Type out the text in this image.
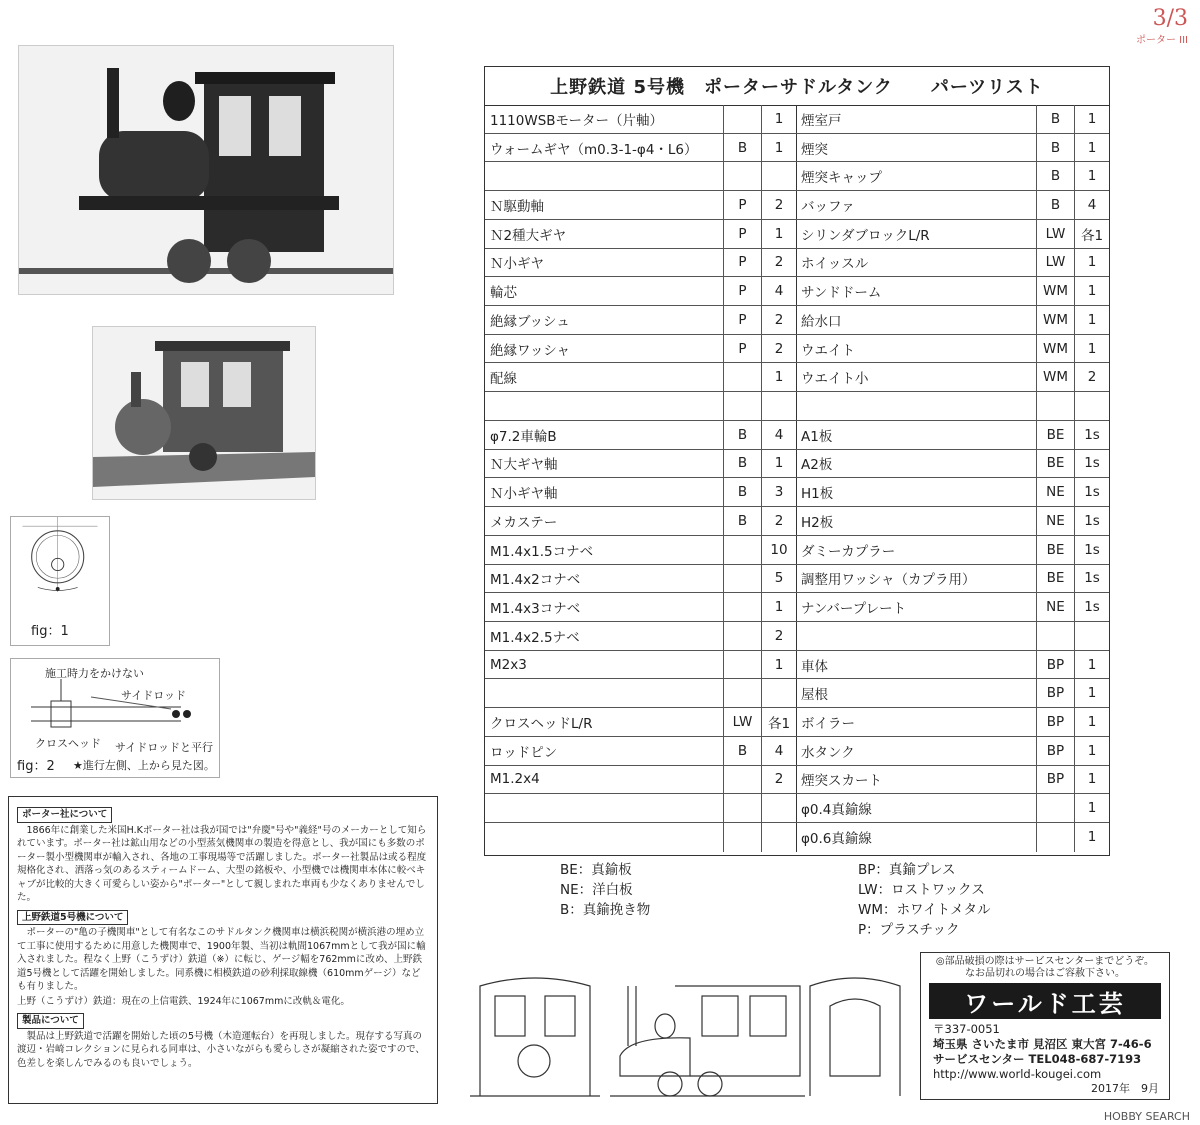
3/3
ポーター III
fig：1
施工時力をかけない
サイドロッド
クロスヘッド サイドロッドと平行
fig：2 ★進行左側、上から見た図。
上野鉄道 5号機　ポーターサドルタンク　　パーツリスト
1110WSBモーター（片軸）	1
ウォームギヤ（m0.3-1-φ4・L6）	B	1
Ｎ駆動軸	P	2
Ｎ2種大ギヤ	P	1
Ｎ小ギヤ	P	2
輪芯	P	4
絶縁ブッシュ	P	2
絶縁ワッシャ	P	2
配線	1
φ7.2車輪B	B	4
Ｎ大ギヤ軸	B	1
Ｎ小ギヤ軸	B	3
メカステー	B	2
M1.4x1.5コナベ	10
M1.4x2コナベ	5
M1.4x3コナベ	1
M1.4x2.5ナベ	2
M2x3	1
クロスヘッドL/R	LW	各1
ロッドピン	B	4
M1.2x4	2
煙室戸	B	1
煙突	B	1
煙突キャップ	B	1
バッファ	B	4
シリンダブロックL/R	LW	各1
ホイッスル	LW	1
サンドドーム	WM	1
給水口	WM	1
ウエイト	WM	1
ウエイト小	WM	2
A1板	BE	1s
A2板	BE	1s
H1板	NE	1s
H2板	NE	1s
ダミーカプラー	BE	1s
調整用ワッシャ（カプラ用）	BE	1s
ナンバープレート	NE	1s
車体	BP	1
屋根	BP	1
ボイラー	BP	1
水タンク	BP	1
煙突スカート	BP	1
φ0.4真鍮線	1
φ0.6真鍮線	1
BE：真鍮板
NE：洋白板
B：真鍮挽き物
BP：真鍮プレス
LW：ロストワックス
WM：ホワイトメタル
P：プラスチック
ポーター社について
1866年に創業した米国H.Kポーター社は我が国では"弁慶"号や"義経"号のメーカーとして知られています。ポーター社は鉱山用などの小型蒸気機関車の製造を得意とし、我が国にも多数のポーター製小型機関車が輸入され、各地の工事現場等で活躍しました。ポーター社製品は或る程度規格化され、洒落っ気のあるスティームドーム、大型の銘板や、小型機では機関車本体に較べキャブが比較的大きく可愛らしい姿から"ポーター"として親しまれた車両も少なくありませんでした。
上野鉄道5号機について
ポーターの"亀の子機関車"として有名なこのサドルタンク機関車は横浜税関が横浜港の埋め立て工事に使用するために用意した機関車で、1900年製、当初は軌間1067mmとして我が国に輸入されました。程なく上野（こうずけ）鉄道（※）に転じ、ゲージ幅を762mmに改め、上野鉄道5号機として活躍を開始しました。同系機に相模鉄道の砂利採取線機（610mmゲージ）なども有りました。
上野（こうずけ）鉄道：現在の上信電鉄、1924年に1067mmに改軌＆電化。
製品について
製品は上野鉄道で活躍を開始した頃の5号機（木造運転台）を再現しました。現存する写真の渡辺・岩崎コレクションに見られる同車は、小さいながらも愛らしさが凝縮された姿ですので、色差しを楽しんでみるのも良いでしょう。
◎部品破損の際はサービスセンターまでどうぞ。
なお品切れの場合はご容赦下さい。
ワールド工芸
〒337-0051
埼玉県 さいたま市 見沼区 東大宮 7-46-6
サービスセンター TEL048-687-7193
http://www.world-kougei.com
2017年　9月
HOBBY SEARCH
